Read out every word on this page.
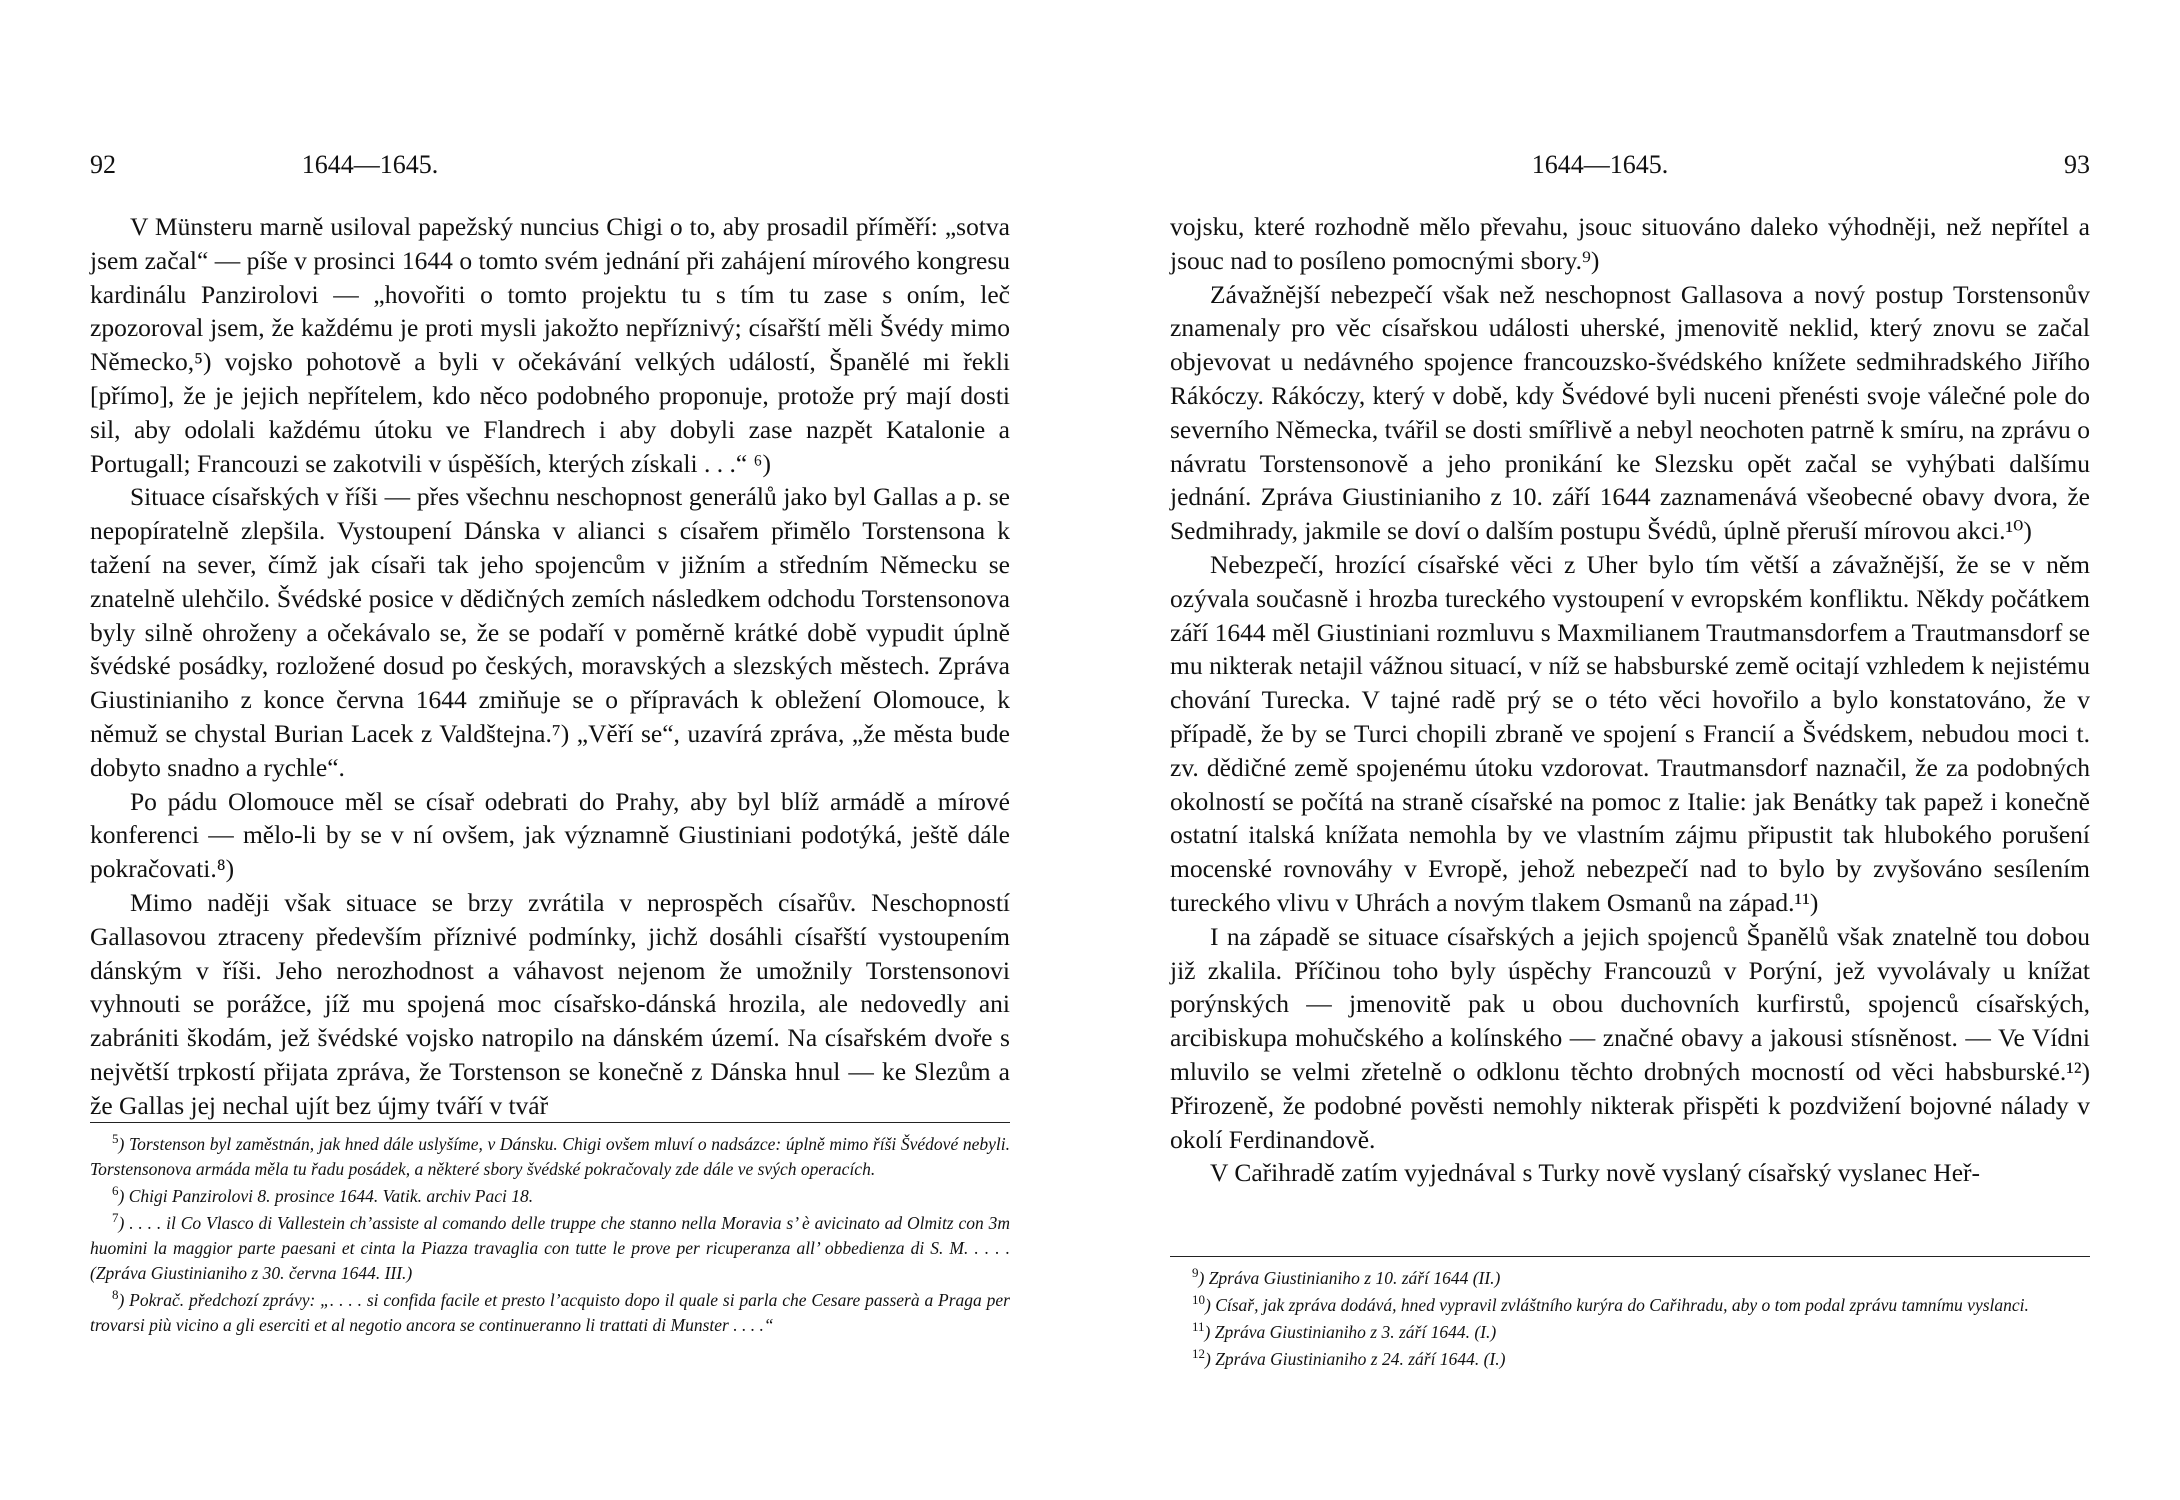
92	1644—1645.

V Münsteru marně usiloval papežský nuncius Chigi o to, aby prosadil příměří: „sotva jsem začal“ — píše v prosinci 1644 o tomto svém jednání při zahájení mírového kongresu kardinálu Panzirolovi — „hovořiti o tomto projektu tu s tím tu zase s oním, leč zpozoroval jsem, že každému je proti mysli jakožto nepříznivý; císařští měli Švédy mimo Německo,⁵) vojsko pohotově a byli v očekávání velkých událostí, Španělé mi řekli [přímo], že je jejich nepřítelem, kdo něco podobného proponuje, protože prý mají dosti sil, aby odolali každému útoku ve Flandrech i aby dobyli zase nazpět Katalonie a Portugall; Francouzi se zakotvili v úspěších, kterých získali . . .“ ⁶)

Situace císařských v říši — přes všechnu neschopnost generálů jako byl Gallas a p. se nepopíratelně zlepšila. Vystoupení Dánska v alianci s císařem přimělo Torstensona k tažení na sever, čímž jak císaři tak jeho spojencům v jižním a středním Německu se znatelně ulehčilo. Švédské posice v dědičných zemích následkem odchodu Torstensonova byly silně ohroženy a očekávalo se, že se podaří v poměrně krátké době vypudit úplně švédské posádky, rozložené dosud po českých, moravských a slezských městech. Zpráva Giustinianiho z konce června 1644 zmiňuje se o přípravách k obležení Olomouce, k němuž se chystal Burian Lacek z Valdštejna.⁷) „Věří se“, uzavírá zpráva, „že města bude dobyto snadno a rychle“.

Po pádu Olomouce měl se císař odebrati do Prahy, aby byl blíž armádě a mírové konferenci — mělo-li by se v ní ovšem, jak významně Giustiniani podotýká, ještě dále pokračovati.⁸)

Mimo naději však situace se brzy zvrátila v neprospěch císařův. Neschopností Gallasovou ztraceny především příznivé podmínky, jichž dosáhli císařští vystoupením dánským v říši. Jeho nerozhodnost a váhavost nejenom že umožnily Torstensonovi vyhnouti se porážce, jíž mu spojená moc císařsko-dánská hrozila, ale nedovedly ani zabrániti škodám, jež švédské vojsko natropilo na dánském území. Na císařském dvoře s největší trpkostí přijata zpráva, že Torstenson se konečně z Dánska hnul — ke Slezům a že Gallas jej nechal ujít bez újmy tváří v tvář

$^5$) Torstenson byl zaměstnán, jak hned dále uslyšíme, v Dánsku. Chigi ovšem mluví o nadsázce: úplně mimo říši Švédové nebyli. Torstensonova armáda měla tu řadu posádek, a některé sbory švédské pokračovaly zde dále ve svých operacích.

$^6$) Chigi Panzirolovi 8. prosince 1644. Vatik. archiv Paci 18.

$^7$) . . . . il Co Vlasco di Vallestein ch’assiste al comando delle truppe che stanno nella Moravia s’ è avicinato ad Olmitz con 3m huomini la maggior parte paesani et cinta la Piazza travaglia con tutte le prove per ricuperanza all’ obbedienza di S. M. . . . . (Zpráva Giustinianiho z 30. června 1644. III.)

$^8$) Pokrač. předchozí zprávy: „. . . . si confida facile et presto l’acquisto dopo il quale si parla che Cesare passerà a Praga per trovarsi più vicino a gli eserciti et al negotio ancora se continueranno li trattati di Munster . . . .“

1644—1645.	93

vojsku, které rozhodně mělo převahu, jsouc situováno daleko výhodněji, než nepřítel a jsouc nad to posíleno pomocnými sbory.⁹)

Závažnější nebezpečí však než neschopnost Gallasova a nový postup Torstensonův znamenaly pro věc císařskou události uherské, jmenovitě neklid, který znovu se začal objevovat u nedávného spojence francouzsko-švédského knížete sedmihradského Jiřího Rákóczy. Rákóczy, který v době, kdy Švédové byli nuceni přenésti svoje válečné pole do severního Německa, tvářil se dosti smířlivě a nebyl neochoten patrně k smíru, na zprávu o návratu Torstensonově a jeho pronikání ke Slezsku opět začal se vyhýbati dalšímu jednání. Zpráva Giustinianiho z 10. září 1644 zaznamenává všeobecné obavy dvora, že Sedmihrady, jakmile se doví o dalším postupu Švédů, úplně přeruší mírovou akci.¹⁰)

Nebezpečí, hrozící císařské věci z Uher bylo tím větší a závažnější, že se v něm ozývala současně i hrozba tureckého vystoupení v evropském konfliktu. Někdy počátkem září 1644 měl Giustiniani rozmluvu s Maxmilianem Trautmansdorfem a Trautmansdorf se mu nikterak netajil vážnou situací, v níž se habsburské země ocitají vzhledem k nejistému chování Turecka. V tajné radě prý se o této věci hovořilo a bylo konstatováno, že v případě, že by se Turci chopili zbraně ve spojení s Francií a Švédskem, nebudou moci t. zv. dědičné země spojenému útoku vzdorovat. Trautmansdorf naznačil, že za podobných okolností se počítá na straně císařské na pomoc z Italie: jak Benátky tak papež i konečně ostatní italská knížata nemohla by ve vlastním zájmu připustit tak hlubokého porušení mocenské rovnováhy v Evropě, jehož nebezpečí nad to bylo by zvyšováno sesílením tureckého vlivu v Uhrách a novým tlakem Osmanů na západ.¹¹)

I na západě se situace císařských a jejich spojenců Španělů však znatelně tou dobou již zkalila. Příčinou toho byly úspěchy Francouzů v Porýní, jež vyvolávaly u knížat porýnských — jmenovitě pak u obou duchovních kurfirstů, spojenců císařských, arcibiskupa mohučského a kolínského — značné obavy a jakousi stísněnost. — Ve Vídni mluvilo se velmi zřetelně o odklonu těchto drobných mocností od věci habsburské.¹²) Přirozeně, že podobné pověsti nemohly nikterak přispěti k pozdvižení bojovné nálady v okolí Ferdinandově.

V Cařihradě zatím vyjednával s Turky nově vyslaný císařský vyslanec Heř-

$^9$) Zpráva Giustinianiho z 10. září 1644 (II.)

$^{10}$) Císař, jak zpráva dodává, hned vypravil zvláštního kurýra do Cařihradu, aby o tom podal zprávu tamnímu vyslanci.

$^{11}$) Zpráva Giustinianiho z 3. září 1644. (I.)

$^{12}$) Zpráva Giustinianiho z 24. září 1644. (I.)
